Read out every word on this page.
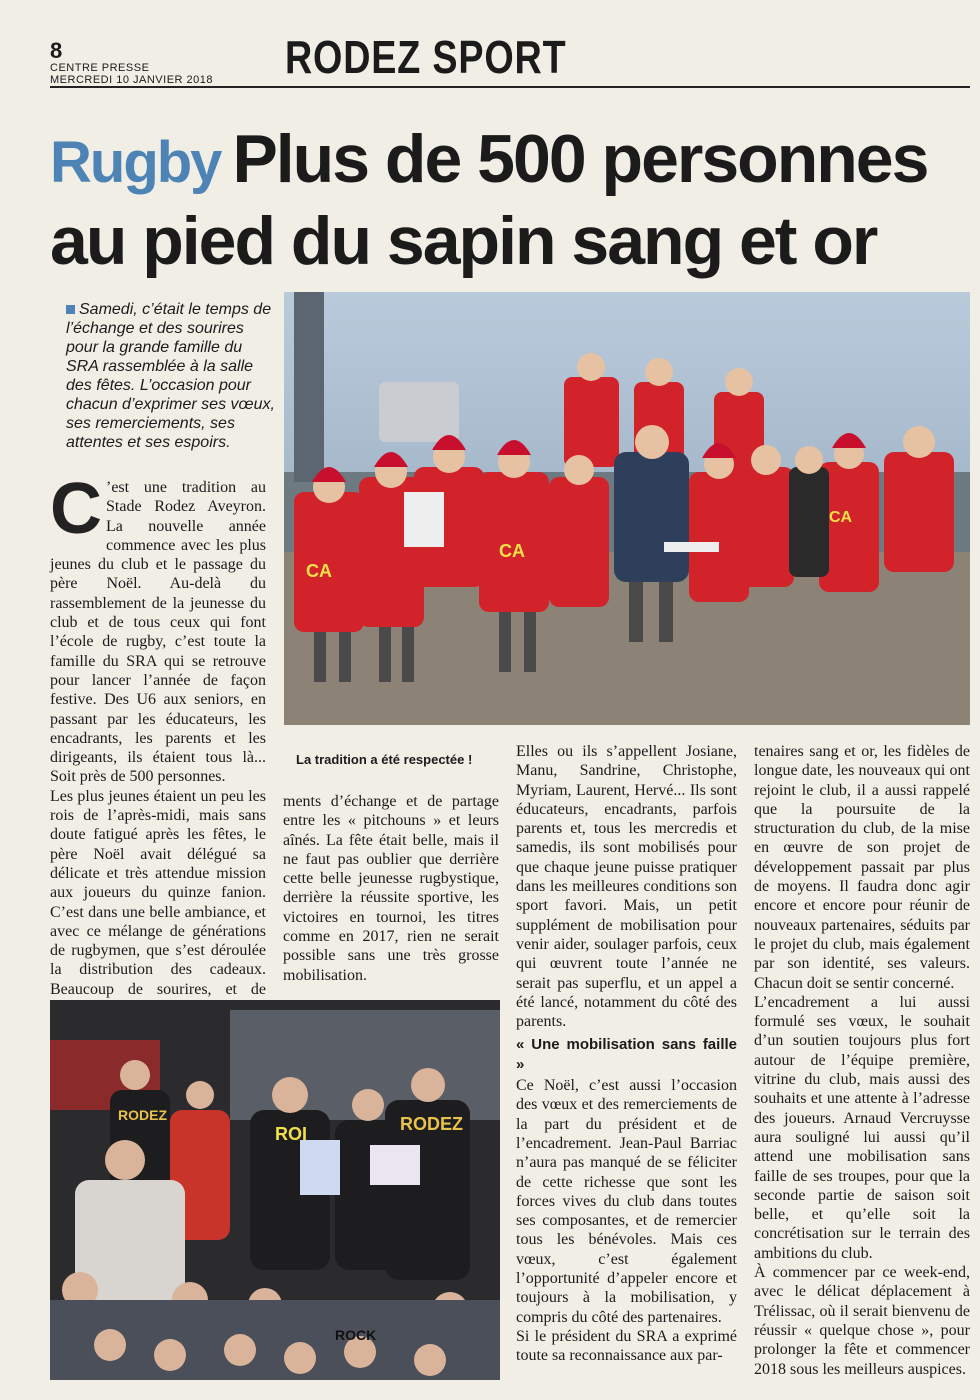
8
CENTRE PRESSE
MERCREDI 10 JANVIER 2018 RODEZ SPORT
Rugby Plus de 500 personnes
au pied du sapin sang et or
Samedi, c’était le temps de l’échange et des sourires pour la grande famille du SRA rassemblée à la salle des fêtes. L’occasion pour chacun d’exprimer ses vœux, ses remerciements, ses attentes et ses espoirs.
CA
CA
CA
La tradition a été respectée !
C ’est une tradition au Stade Rodez Aveyron. La nouvelle année commence avec les plus jeunes du club et le passage du père Noël. Au-delà du rassemblement de la jeunesse du club et de tous ceux qui font l’école de rugby, c’est toute la famille du SRA qui se retrouve pour lancer l’année de façon festive. Des U6 aux seniors, en passant par les éducateurs, les encadrants, les parents et les dirigeants, ils étaient tous là... Soit près de 500 personnes.

Les plus jeunes étaient un peu les rois de l’après-midi, mais sans doute fatigué après les fêtes, le père Noël avait délégué sa délicate et très attendue mission aux joueurs du quinze fanion. C’est dans une belle ambiance, et avec ce mélange de générations de rugbymen, que s’est déroulée la distribution des cadeaux. Beaucoup de sourires, et de

ments d’échange et de partage entre les « pitchouns » et leurs aînés. La fête était belle, mais il ne faut pas oublier que derrière cette belle jeunesse rugbystique, derrière la réussite sportive, les victoires en tournoi, les titres comme en 2017, rien ne serait possible sans une très grosse mobilisation.

Elles ou ils s’appellent Josiane, Manu, Sandrine, Christophe, Myriam, Laurent, Hervé... Ils sont éducateurs, encadrants, parfois parents et, tous les mercredis et samedis, ils sont mobilisés pour que chaque jeune puisse pratiquer dans les meilleures conditions son sport favori. Mais, un petit supplément de mobilisation pour venir aider, soulager parfois, ceux qui œuvrent toute l’année ne serait pas superflu, et un appel a été lancé, notamment du côté des parents.

« Une mobilisation sans faille »

Ce Noël, c’est aussi l’occasion des vœux et des remerciements de la part du président et de l’encadrement. Jean-Paul Barriac n’aura pas manqué de se féliciter de cette richesse que sont les forces vives du club dans toutes ses composantes, et de remercier tous les bénévoles. Mais ces vœux, c’est également l’opportunité d’appeler encore et toujours à la mobilisation, y compris du côté des partenaires.

Si le président du SRA a exprimé toute sa reconnaissance aux par-

tenaires sang et or, les fidèles de longue date, les nouveaux qui ont rejoint le club, il a aussi rappelé que la poursuite de la structuration du club, de la mise en œuvre de son projet de développement passait par plus de moyens. Il faudra donc agir encore et encore pour réunir de nouveaux partenaires, séduits par le projet du club, mais également par son identité, ses valeurs. Chacun doit se sentir concerné.

L’encadrement a lui aussi formulé ses vœux, le souhait d’un soutien toujours plus fort autour de l’équipe première, vitrine du club, mais aussi des souhaits et une attente à l’adresse des joueurs. Arnaud Vercruysse aura souligné lui aussi qu’il attend une mobilisation sans faille de ses troupes, pour que la seconde partie de saison soit belle, et qu’elle soit la concrétisation sur le terrain des ambitions du club.

À commencer par ce week-end, avec le délicat déplacement à Trélissac, où il serait bienvenu de réussir « quelque chose », pour prolonger la fête et commencer 2018 sous les meilleurs auspices.

ROI	RODEZ
RODEZ
ROCK
